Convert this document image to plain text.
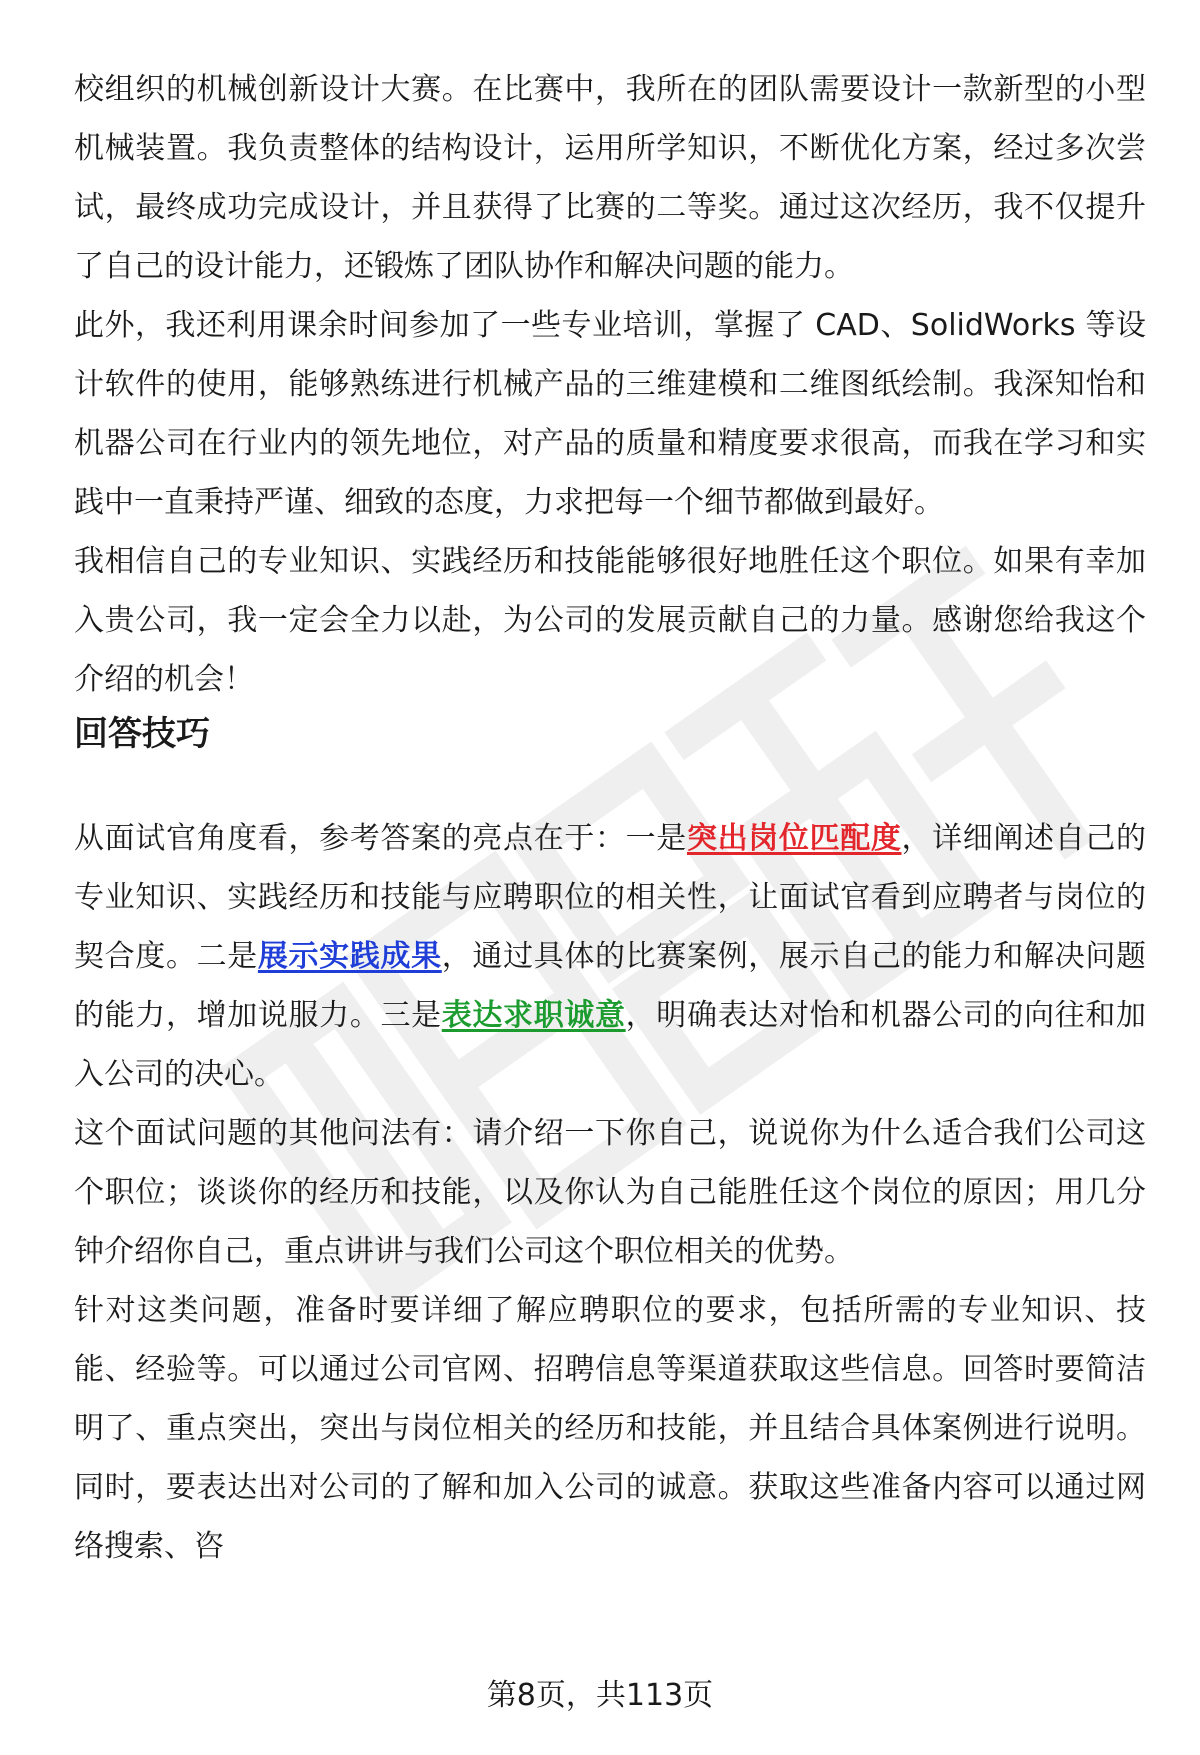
校组织的机械创新设计大赛。在比赛中，我所在的团队需要设计一款新型的小型机械装置。我负责整体的结构设计，运用所学知识，不断优化方案，经过多次尝试，最终成功完成设计，并且获得了比赛的二等奖。通过这次经历，我不仅提升了自己的设计能力，还锻炼了团队协作和解决问题的能力。

此外，我还利用课余时间参加了一些专业培训，掌握了 CAD、SolidWorks 等设计软件的使用，能够熟练进行机械产品的三维建模和二维图纸绘制。我深知怡和机器公司在行业内的领先地位，对产品的质量和精度要求很高，而我在学习和实践中一直秉持严谨、细致的态度，力求把每一个细节都做到最好。

我相信自己的专业知识、实践经历和技能能够很好地胜任这个职位。如果有幸加入贵公司，我一定会全力以赴，为公司的发展贡献自己的力量。感谢您给我这个介绍的机会！

回答技巧

从面试官角度看，参考答案的亮点在于：一是突出岗位匹配度，详细阐述自己的专业知识、实践经历和技能与应聘职位的相关性，让面试官看到应聘者与岗位的契合度。二是展示实践成果，通过具体的比赛案例，展示自己的能力和解决问题的能力，增加说服力。三是表达求职诚意，明确表达对怡和机器公司的向往和加入公司的决心。

这个面试问题的其他问法有：请介绍一下你自己，说说你为什么适合我们公司这个职位；谈谈你的经历和技能，以及你认为自己能胜任这个岗位的原因；用几分钟介绍你自己，重点讲讲与我们公司这个职位相关的优势。

针对这类问题，准备时要详细了解应聘职位的要求，包括所需的专业知识、技能、经验等。可以通过公司官网、招聘信息等渠道获取这些信息。回答时要简洁明了、重点突出，突出与岗位相关的经历和技能，并且结合具体案例进行说明。同时，要表达出对公司的了解和加入公司的诚意。获取这些准备内容可以通过网络搜索、咨

第8页，共113页
